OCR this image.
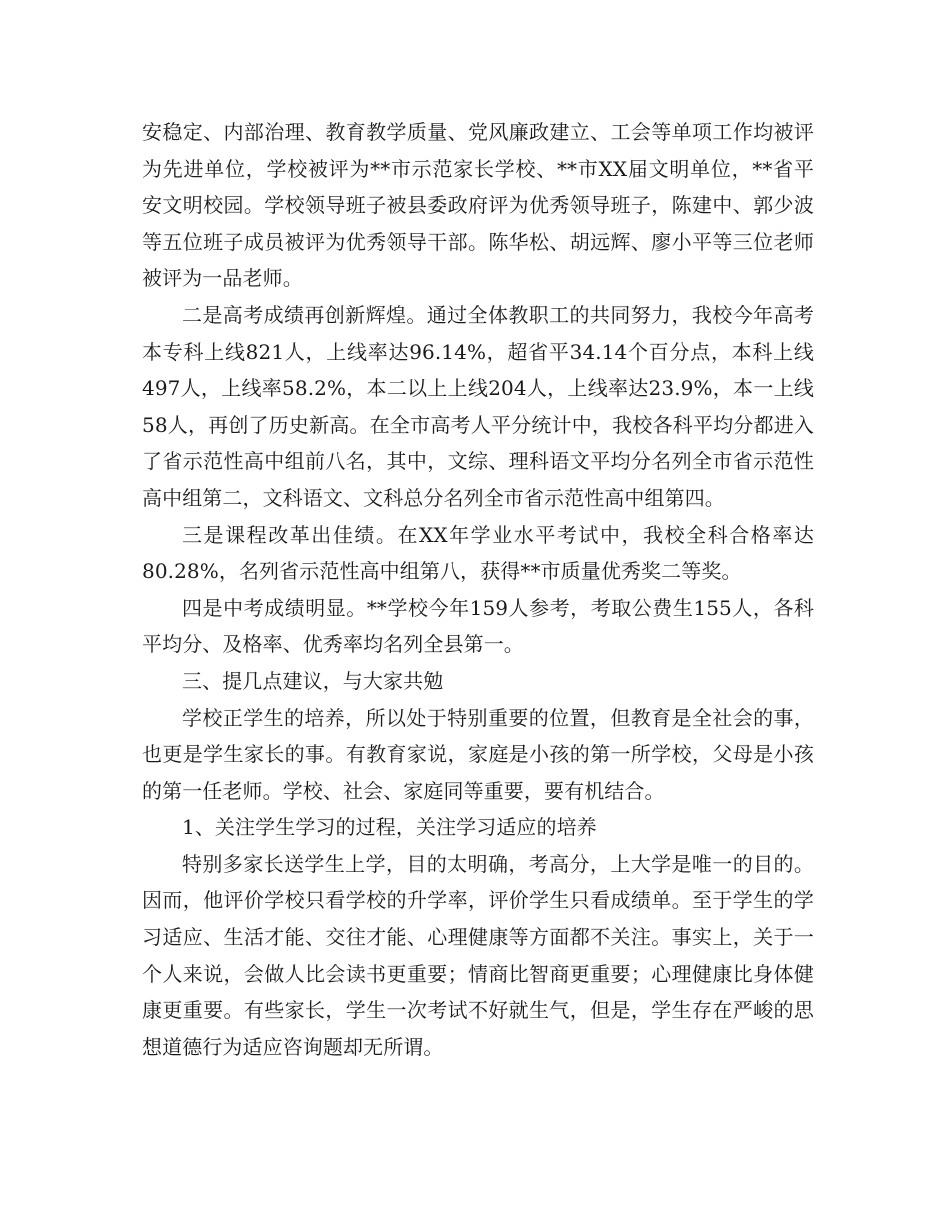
安稳定、内部治理、教育教学质量、党风廉政建立、工会等单项工作均被评为先进单位，学校被评为**市示范家长学校、**市XX届文明单位，**省平安文明校园。学校领导班子被县委政府评为优秀领导班子，陈建中、郭少波等五位班子成员被评为优秀领导干部。陈华松、胡远辉、廖小平等三位老师被评为一品老师。

二是高考成绩再创新辉煌。通过全体教职工的共同努力，我校今年高考本专科上线821人，上线率达96.14%，超省平34.14个百分点，本科上线497人，上线率58.2%，本二以上上线204人，上线率达23.9%，本一上线58人，再创了历史新高。在全市高考人平分统计中，我校各科平均分都进入了省示范性高中组前八名，其中，文综、理科语文平均分名列全市省示范性高中组第二，文科语文、文科总分名列全市省示范性高中组第四。

三是课程改革出佳绩。在XX年学业水平考试中，我校全科合格率达80.28%，名列省示范性高中组第八，获得**市质量优秀奖二等奖。

四是中考成绩明显。**学校今年159人参考，考取公费生155人，各科平均分、及格率、优秀率均名列全县第一。

三、提几点建议，与大家共勉

学校正学生的培养，所以处于特别重要的位置，但教育是全社会的事，也更是学生家长的事。有教育家说，家庭是小孩的第一所学校，父母是小孩的第一任老师。学校、社会、家庭同等重要，要有机结合。

1、关注学生学习的过程，关注学习适应的培养

特别多家长送学生上学，目的太明确，考高分，上大学是唯一的目的。因而，他评价学校只看学校的升学率，评价学生只看成绩单。至于学生的学习适应、生活才能、交往才能、心理健康等方面都不关注。事实上，关于一个人来说，会做人比会读书更重要；情商比智商更重要；心理健康比身体健康更重要。有些家长，学生一次考试不好就生气，但是，学生存在严峻的思想道德行为适应咨询题却无所谓。
